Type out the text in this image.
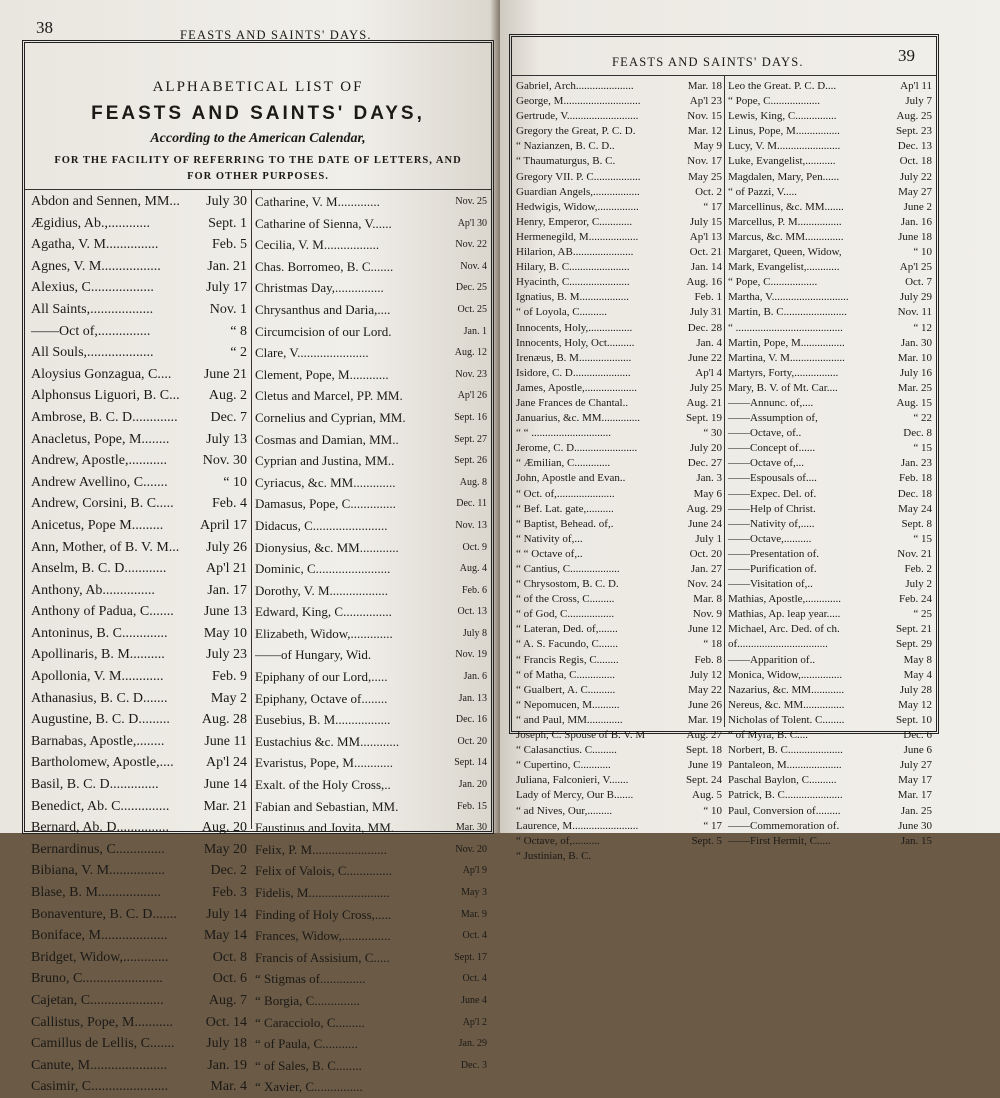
38	FEASTS AND SAINTS' DAYS.
ALPHABETICAL LIST OF
FEASTS AND SAINTS' DAYS,
According to the American Calendar,
FOR THE FACILITY OF REFERRING TO THE DATE OF LETTERS, AND
FOR OTHER PURPOSES.
Abdon and Sennen, MM...	July 30
Ægidius, Ab.,............	Sept. 1
Agatha, V. M...............	Feb. 5
Agnes, V. M.................	Jan. 21
Alexius, C..................	July 17
All Saints,..................	Nov. 1
——Oct of,...............	“ 8
All Souls,...................	“ 2
Aloysius Gonzagua, C....	June 21
Alphonsus Liguori, B. C...	Aug. 2
Ambrose, B. C. D.............	Dec. 7
Anacletus, Pope, M........	July 13
Andrew, Apostle,...........	Nov. 30
Andrew Avellino, C.......	“ 10
Andrew, Corsini, B. C.....	Feb. 4
Anicetus, Pope M.........	April 17
Ann, Mother, of B. V. M...	July 26
Anselm, B. C. D............	Ap'l 21
Anthony, Ab...............	Jan. 17
Anthony of Padua, C.......	June 13
Antoninus, B. C.............	May 10
Apollinaris, B. M..........	July 23
Apollonia, V. M............	Feb. 9
Athanasius, B. C. D.......	May 2
Augustine, B. C. D.........	Aug. 28
Barnabas, Apostle,........	June 11
Bartholomew, Apostle,....	Ap'l 24
Basil, B. C. D..............	June 14
Benedict, Ab. C..............	Mar. 21
Bernard, Ab. D...............	Aug. 20
Bernardinus, C..............	May 20
Bibiana, V. M................	Dec. 2
Blase, B. M..................	Feb. 3
Bonaventure, B. C. D.......	July 14
Boniface, M...................	May 14
Bridget, Widow,.............	Oct. 8
Bruno, C.......................	Oct. 6
Cajetan, C.....................	Aug. 7
Callistus, Pope, M...........	Oct. 14
Camillus de Lellis, C.......	July 18
Canute, M......................	Jan. 19
Casimir, C......................	Mar. 4
Catharine, V. M.............	Nov. 25
Catharine of Sienna, V......	Ap'l 30
Cecilia, V. M.................	Nov. 22
Chas. Borromeo, B. C.......	Nov. 4
Christmas Day,...............	Dec. 25
Chrysanthus and Daria,....	Oct. 25
Circumcision of our Lord.	Jan. 1
Clare, V......................	Aug. 12
Clement, Pope, M............	Nov. 23
Cletus and Marcel, PP. MM.	Ap'l 26
Cornelius and Cyprian, MM.	Sept. 16
Cosmas and Damian, MM..	Sept. 27
Cyprian and Justina, MM..	Sept. 26
Cyriacus, &c. MM.............	Aug. 8
Damasus, Pope, C..............	Dec. 11
Didacus, C.......................	Nov. 13
Dionysius, &c. MM............	Oct. 9
Dominic, C.......................	Aug. 4
Dorothy, V. M..................	Feb. 6
Edward, King, C...............	Oct. 13
Elizabeth, Widow,.............	July 8
——of Hungary, Wid.	Nov. 19
Epiphany of our Lord,.....	Jan. 6
Epiphany, Octave of........	Jan. 13
Eusebius, B. M.................	Dec. 16
Eustachius &c. MM............	Oct. 20
Evaristus, Pope, M............	Sept. 14
Exalt. of the Holy Cross,..	Jan. 20
Fabian and Sebastian, MM.	Feb. 15
Faustinus and Jovita, MM.	Mar. 30
Felix, P. M.......................	Nov. 20
Felix of Valois, C..............	Ap'l 9
Fidelis, M.........................	May 3
Finding of Holy Cross,.....	Mar. 9
Frances, Widow,...............	Oct. 4
Francis of Assisium, C.....	Sept. 17
“ Stigmas of..............	Oct. 4
“ Borgia, C..............	June 4
“ Caracciolo, C.........	Ap'l 2
“ of Paula, C...........	Jan. 29
“ of Sales, B. C........	Dec. 3
“ Xavier, C...............
39
FEASTS AND SAINTS' DAYS.
Gabriel, Arch.....................	Mar. 18
George, M............................	Ap'l 23
Gertrude, V..........................	Nov. 15
Gregory the Great, P. C. D.	Mar. 12
“ Nazianzen, B. C. D..	May 9
“ Thaumaturgus, B. C.	Nov. 17
Gregory VII. P. C.................	May 25
Guardian Angels,.................	Oct. 2
Hedwigis, Widow,...............	“ 17
Henry, Emperor, C............	July 15
Hermenegild, M..................	Ap'l 13
Hilarion, AB......................	Oct. 21
Hilary, B. C......................	Jan. 14
Hyacinth, C......................	Aug. 16
Ignatius, B. M..................	Feb. 1
“ of Loyola, C..........	July 31
Innocents, Holy,................	Dec. 28
Innocents, Holy, Oct..........	Jan. 4
Irenæus, B. M...................	June 22
Isidore, C. D.....................	Ap'l 4
James, Apostle,...................	July 25
Jane Frances de Chantal..	Aug. 21
Januarius, &c. MM..............	Sept. 19
“ “ .............................	“ 30
Jerome, C. D.......................	July 20
“ Æmilian, C.............	Dec. 27
John, Apostle and Evan..	Jan. 3
“ Oct. of,.....................	May 6
“ Bef. Lat. gate,..........	Aug. 29
“ Baptist, Behead. of,.	June 24
“ Nativity of,...	July 1
“ “ Octave of,..	Oct. 20
“ Cantius, C..................	Jan. 27
“ Chrysostom, B. C. D.	Nov. 24
“ of the Cross, C.........	Mar. 8
“ of God, C.................	Nov. 9
“ Lateran, Ded. of,.......	June 12
“ A. S. Facundo, C.......	“ 18
“ Francis Regis, C........	Feb. 8
“ of Matha, C..............	July 12
“ Gualbert, A. C..........	May 22
“ Nepomucen, M..........	June 26
“ and Paul, MM.............	Mar. 19
Joseph, C. Spouse of B. V. M	Aug. 27
“ Calasanctius. C.........	Sept. 18
“ Cupertino, C...........	June 19
Juliana, Falconieri, V.......	Sept. 24
Lady of Mercy, Our B.......	Aug. 5
“ ad Nives, Our,.........	“ 10
Laurence, M........................	“ 17
“ Octave, of,..........	Sept. 5
“ Justinian, B. C.
Leo the Great. P. C. D....	Ap'l 11
“ Pope, C..................	July 7
Lewis, King, C...............	Aug. 25
Linus, Pope, M................	Sept. 23
Lucy, V. M.......................	Dec. 13
Luke, Evangelist,...........	Oct. 18
Magdalen, Mary, Pen......	July 22
“ of Pazzi, V.....	May 27
Marcellinus, &c. MM.......	June 2
Marcellus, P. M................	Jan. 16
Marcus, &c. MM..............	June 18
Margaret, Queen, Widow,	“ 10
Mark, Evangelist,............	Ap'l 25
“ Pope, C.................	Oct. 7
Martha, V............................	July 29
Martin, B. C.......................	Nov. 11
“ .......................................	“ 12
Martin, Pope, M................	Jan. 30
Martina, V. M....................	Mar. 10
Martyrs, Forty,................	July 16
Mary, B. V. of Mt. Car....	Mar. 25
——Annunc. of,....	Aug. 15
——Assumption of,	“ 22
——Octave, of..	Dec. 8
——Concept of......	“ 15
——Octave of,...	Jan. 23
——Espousals of....	Feb. 18
——Expec. Del. of.	Dec. 18
——Help of Christ.	May 24
——Nativity of,.....	Sept. 8
——Octave,..........	“ 15
——Presentation of.	Nov. 21
——Purification of.	Feb. 2
——Visitation of,..	July 2
Mathias, Apostle,.............	Feb. 24
Mathias, Ap. leap year.....	“ 25
Michael, Arc. Ded. of ch.	Sept. 21
of.................................	Sept. 29
——Apparition of..	May 8
Monica, Widow,...............	May 4
Nazarius, &c. MM............	July 28
Nereus, &c. MM...............	May 12
Nicholas of Tolent. C........	Sept. 10
“ of Myra, B. C....	Dec. 6
Norbert, B. C....................	June 6
Pantaleon, M....................	July 27
Paschal Baylon, C..........	May 17
Patrick, B. C.....................	Mar. 17
Paul, Conversion of.........	Jan. 25
——Commemoration of.	June 30
——First Hermit, C.....	Jan. 15
